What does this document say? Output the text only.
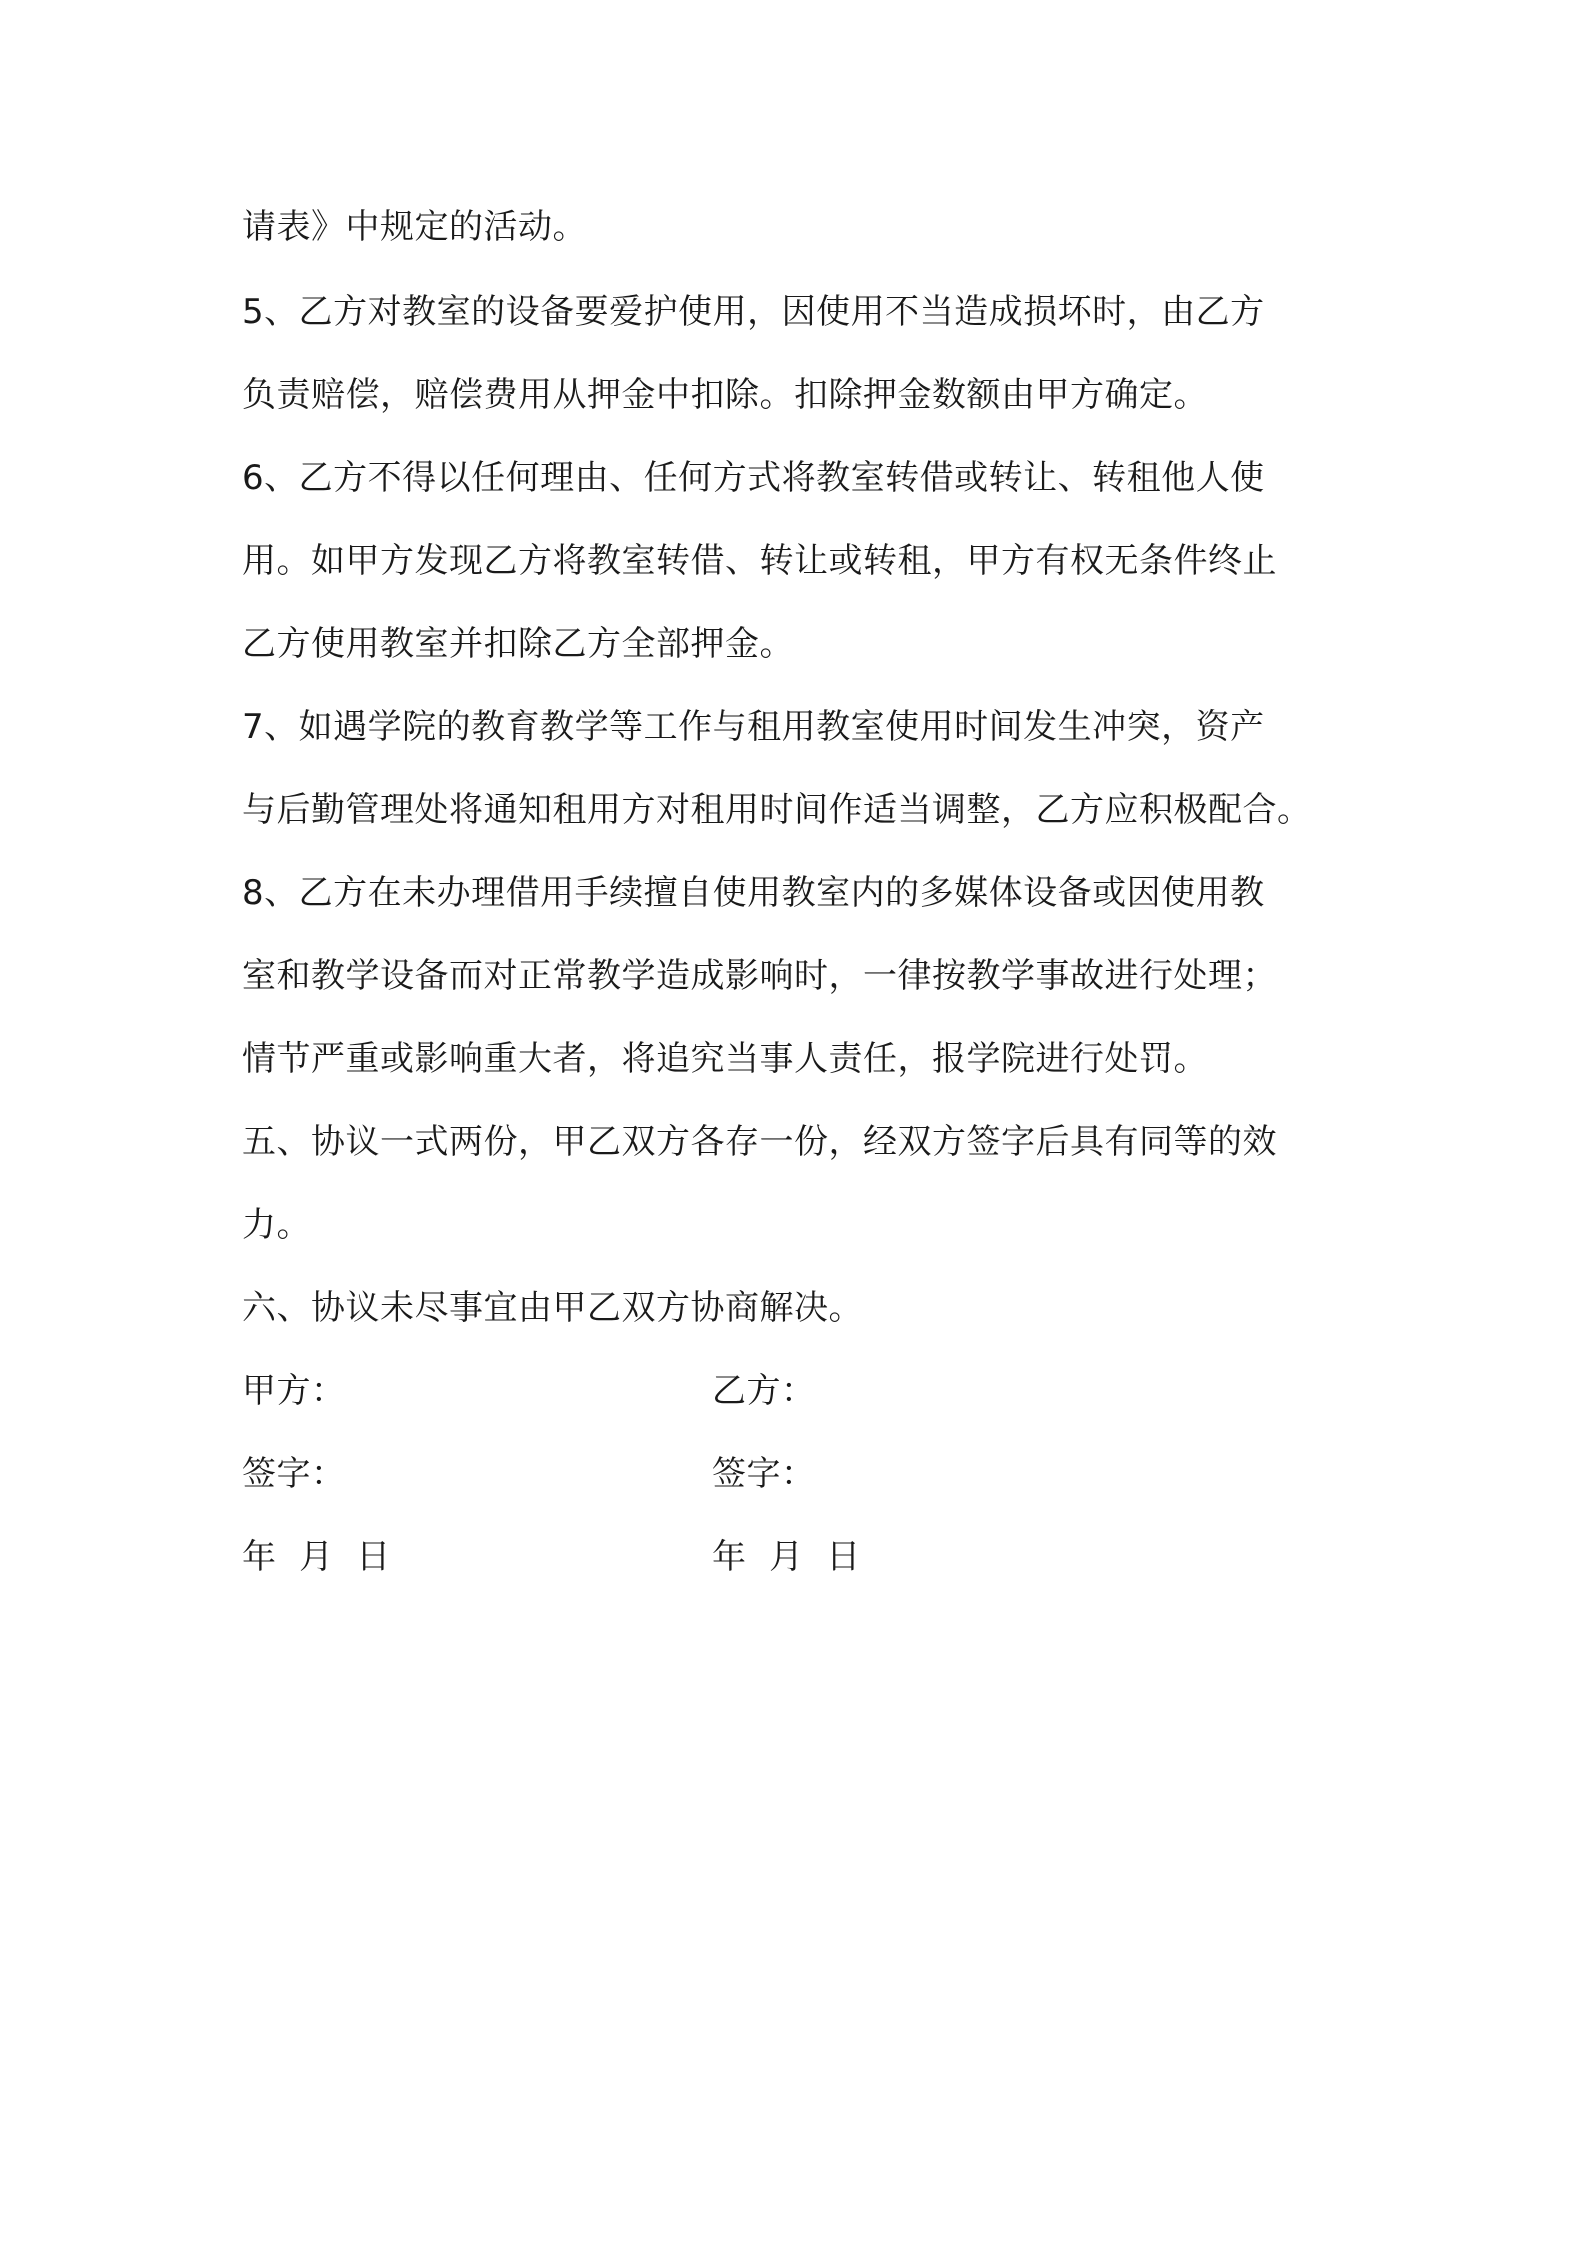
请表》中规定的活动。
5、乙方对教室的设备要爱护使用，因使用不当造成损坏时，由乙方
负责赔偿，赔偿费用从押金中扣除。扣除押金数额由甲方确定。
6、乙方不得以任何理由、任何方式将教室转借或转让、转租他人使
用。如甲方发现乙方将教室转借、转让或转租，甲方有权无条件终止
乙方使用教室并扣除乙方全部押金。
7、如遇学院的教育教学等工作与租用教室使用时间发生冲突，资产
与后勤管理处将通知租用方对租用时间作适当调整，乙方应积极配合。
8、乙方在未办理借用手续擅自使用教室内的多媒体设备或因使用教
室和教学设备而对正常教学造成影响时，一律按教学事故进行处理；
情节严重或影响重大者，将追究当事人责任，报学院进行处罚。
五、协议一式两份，甲乙双方各存一份，经双方签字后具有同等的效
力。
六、协议未尽事宜由甲乙双方协商解决。
甲方：	乙方：
签字：	签字：
年  月  日	年  月  日
